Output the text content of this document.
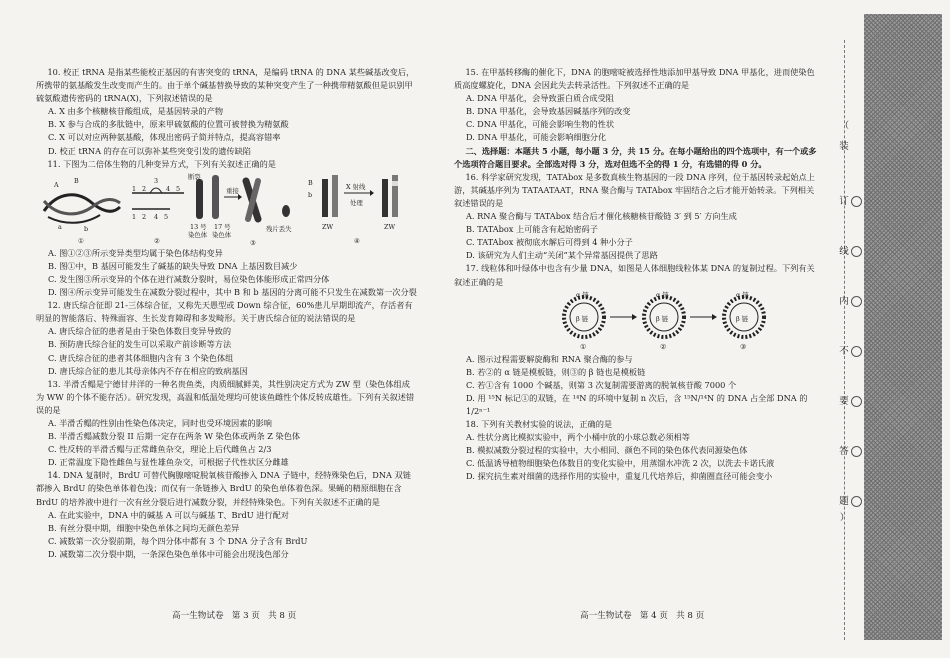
10. 校正 tRNA 是指某些能校正基因的有害突变的 tRNA，是编码 tRNA 的 DNA 某些碱基改变后，所携带的氨基酸发生改变而产生的。由于单个碱基替换导致的某种突变产生了一种携带精氨酸但是识别甲硫氨酸遗传密码的 tRNA(X)，下列叙述错误的是

A. X 由多个核糖核苷酸组成，是基因转录的产物

B. X 参与合成的多肽链中，原来甲硫氨酸的位置可被替换为精氨酸

C. X 可以对应两种氨基酸，体现出密码子简并特点，提高容错率

D. 校正 tRNA 的存在可以弥补某些突变引发的遗传缺陷

11. 下图为二倍体生物的几种变异方式，下列有关叙述正确的是

A B
a	b
①
1 2
3
4 5
1 2 4 5
②
断裂
重接
13 号 17 号
染色体 染色体
残片丢失
③
B
b
X 射线
处理
ZW	ZW
④

A. 图①②③所示变异类型均属于染色体结构变异

B. 图①中，B 基因可能发生了碱基的缺失导致 DNA 上基因数目减少

C. 发生图③所示变异的个体在进行减数分裂时，易位染色体能形成正常四分体

D. 图④所示变异可能发生在减数分裂过程中，其中 B 和 b 基因的分离可能不只发生在减数第一次分裂

12. 唐氏综合征即 21-三体综合征，又称先天愚型或 Down 综合征，60%患儿早期即流产，存活者有明显的智能落后、特殊面容、生长发育障碍和多发畸形。关于唐氏综合征的说法错误的是

A. 唐氏综合征的患者是由于染色体数目变异导致的

B. 预防唐氏综合征的发生可以采取产前诊断等方法

C. 唐氏综合征的患者其体细胞内含有 3 个染色体组

D. 唐氏综合征的患儿其母亲体内不存在相应的致病基因

13. 半滑舌鳎是宁德甘井洋的一种名贵鱼类，肉质细腻鲜美，其性别决定方式为 ZW 型（染色体组成为 WW 的个体不能存活）。研究发现，高温和低温处理均可使该鱼雌性个体反转成雄性。下列有关叙述错误的是

A. 半滑舌鳎的性别由性染色体决定，同时也受环境因素的影响

B. 半滑舌鳎减数分裂 II 后期一定存在两条 W 染色体或两条 Z 染色体

C. 性反转的半滑舌鳎与正常雌鱼杂交，理论上后代雌鱼占 2/3

D. 正常温度下隐性雌鱼与显性雄鱼杂交，可根据子代性状区分雌雄

14. DNA 复制时，BrdU 可替代胸腺嘧啶脱氧核苷酸掺入 DNA 子链中，经特殊染色后，DNA 双链都掺入 BrdU 的染色单体着色浅；而仅有一条链掺入 BrdU 的染色单体着色深。果蝇的精原细胞在含 BrdU 的培养液中进行一次有丝分裂后进行减数分裂，并经特殊染色。下列有关叙述不正确的是

A. 在此实验中，DNA 中的碱基 A 可以与碱基 T、BrdU 进行配对

B. 有丝分裂中期，细胞中染色单体之间均无颜色差异

C. 减数第一次分裂前期，每个四分体中都有 3 个 DNA 分子含有 BrdU

D. 减数第二次分裂中期，一条深色染色单体中可能会出现浅色部分

高一生物试卷   第 3 页   共 8 页

15. 在甲基转移酶的催化下，DNA 的胞嘧啶被选择性地添加甲基导致 DNA 甲基化，进而使染色质高度螺旋化，DNA 会因此失去转录活性。下列叙述不正确的是

A. DNA 甲基化，会导致蛋白质合成受阻

B. DNA 甲基化，会导致基因碱基序列的改变

C. DNA 甲基化，可能会影响生物的性状

D. DNA 甲基化，可能会影响细胞分化

二、选择题：本题共 5 小题，每小题 3 分，共 15 分。在每小题给出的四个选项中，有一个或多个选项符合题目要求。全部选对得 3 分，选对但选不全的得 1 分，有选错的得 0 分。

16. 科学家研究发现，TATAbox 是多数真核生物基因的一段 DNA 序列，位于基因转录起始点上游，其碱基序列为 TATAATAAT，RNA 聚合酶与 TATAbox 牢固结合之后才能开始转录。下列相关叙述错误的是

A. RNA 聚合酶与 TATAbox 结合后才催化核糖核苷酸链 3′ 到 5′ 方向生成

B. TATAbox 上可能含有起始密码子

C. TATAbox 被彻底水解后可得到 4 种小分子

D. 该研究为人们主动“关闭”某个异常基因提供了思路

17. 线粒体和叶绿体中也含有少量 DNA，如图是人体细胞线粒体某 DNA 的复制过程。下列有关叙述正确的是

α 链
β 链
α 链
β 链
α 链
β 链
①	②	③

A. 图示过程需要解旋酶和 RNA 聚合酶的参与

B. 若②的 α 链是模板链，则③的 β 链也是模板链

C. 若①含有 1000 个碱基，则第 3 次复制需要游离的脱氧核苷酸 7000 个

D. 用 ¹⁵N 标记①的双链，在 ¹⁴N 的环境中复制 n 次后，含 ¹⁵N/¹⁴N 的 DNA 占全部 DNA 的 1/2ⁿ⁻¹

18. 下列有关教材实验的说法，正确的是

A. 性状分离比模拟实验中，两个小桶中放的小球总数必须相等

B. 模拟减数分裂过程的实验中，大小相同、颜色不同的染色体代表同源染色体

C. 低温诱导植物细胞染色体数目的变化实验中，用蒸馏水冲洗 2 次，以洗去卡诺氏液

D. 探究抗生素对细菌的选择作用的实验中，重复几代培养后，抑菌圈直径可能会变小

高一生物试卷   第 4 页   共 8 页
（
装
订
线
内
不
要
答
题
）
